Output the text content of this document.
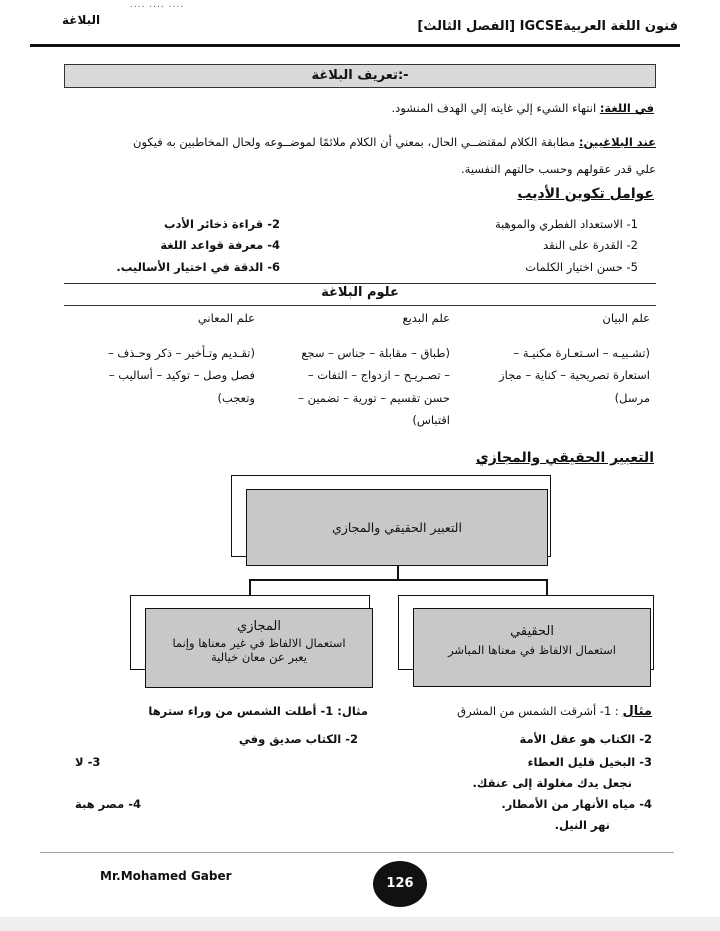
.... .... ....
البلاغة	فنون اللغة العربيةIGCSE [الفصل الثالث]
تعريف البلاغة:-
في اللغة: انتهاء الشيء إلي غايته إلي الهدف المنشود.
عند البلاغيين: مطابقة الكلام لمقتضــي الحال، بمعني أن الكلام ملائمًا لموضــوعه ولحال المخاطبين به فيكون
علي قدر عقولهم وحسب حالتهم النفسية.
عوامل تكوين الأديب
1- الاستعداد الفطري والموهبة
2- قراءة ذخائر الأدب
2- القدرة على النقد
4- معرفة قواعد اللغة
5- حسن اختيار الكلمات
6- الدقة في اختيار الأساليب.
علوم البلاغة
علم البيان
علم البديع
علم المعاني
(تشـبيـه – اسـتعـارة مكنيـة –
استعارة تصريحية – كناية – مجاز
مرسل)
(طباق – مقابلة – جناس – سجع
– تصـريـح – ازدواج – التفات –
حسن تقسيم – تورية – تضمين –
اقتباس)
(تقـديم وتـأخير – ذكر وحـذف –
فصل وصل – توكيد – أساليب –
وتعجب)
التعبير الحقيقي والمجازي
التعبير الحقيقي والمجازي
المجازي
استعمال الالفاظ في غير معناها وإنما
يعبر عن معان خيالية
الحقيقي
استعمال الالفاظ في معناها المباشر
مثال : 1- أشرقت الشمس من المشرق
مثال: 1- أطلت الشمس من وراء سترها
2- الكتاب هو عقل الأمة
2- الكتاب صديق وفي
3- البخيل قليل العطاء
نجعل يدك مغلولة إلى عنقك.
3- لا
4- مياه الأنهار من الأمطار.
نهر النيل.
4- مصر هبة
Mr.Mohamed Gaber	126
